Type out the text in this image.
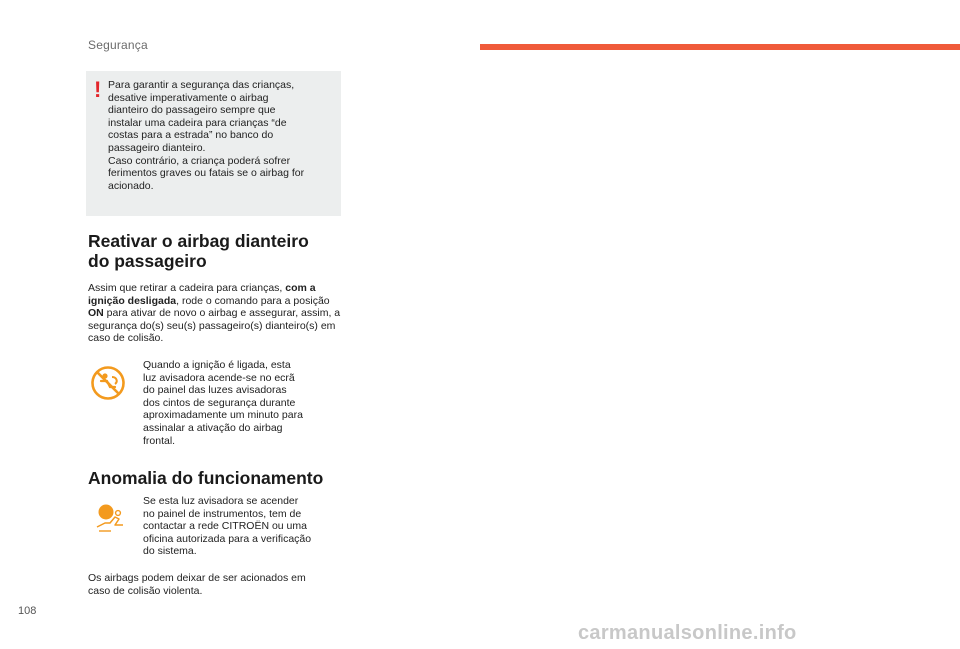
Segurança
! Para garantir a segurança das crianças,
desative imperativamente o airbag
dianteiro do passageiro sempre que
instalar uma cadeira para crianças “de
costas para a estrada” no banco do
passageiro dianteiro.
Caso contrário, a criança poderá sofrer
ferimentos graves ou fatais se o airbag for
acionado.
Reativar o airbag dianteiro
do passageiro

Assim que retirar a cadeira para crianças, com a ignição desligada, rode o comando para a posição ON para ativar de novo o airbag e assegurar, assim, a segurança do(s) seu(s) passageiro(s) dianteiro(s) em caso de colisão.

Quando a ignição é ligada, esta
luz avisadora acende-se no ecrã
do painel das luzes avisadoras
dos cintos de segurança durante
aproximadamente um minuto para
assinalar a ativação do airbag
frontal.
Anomalia do funcionamento
Se esta luz avisadora se acender
no painel de instrumentos, tem de
contactar a rede CITROËN ou uma
oficina autorizada para a verificação
do sistema.
Os airbags podem deixar de ser acionados em
caso de colisão violenta.
108
carmanualsonline.info
